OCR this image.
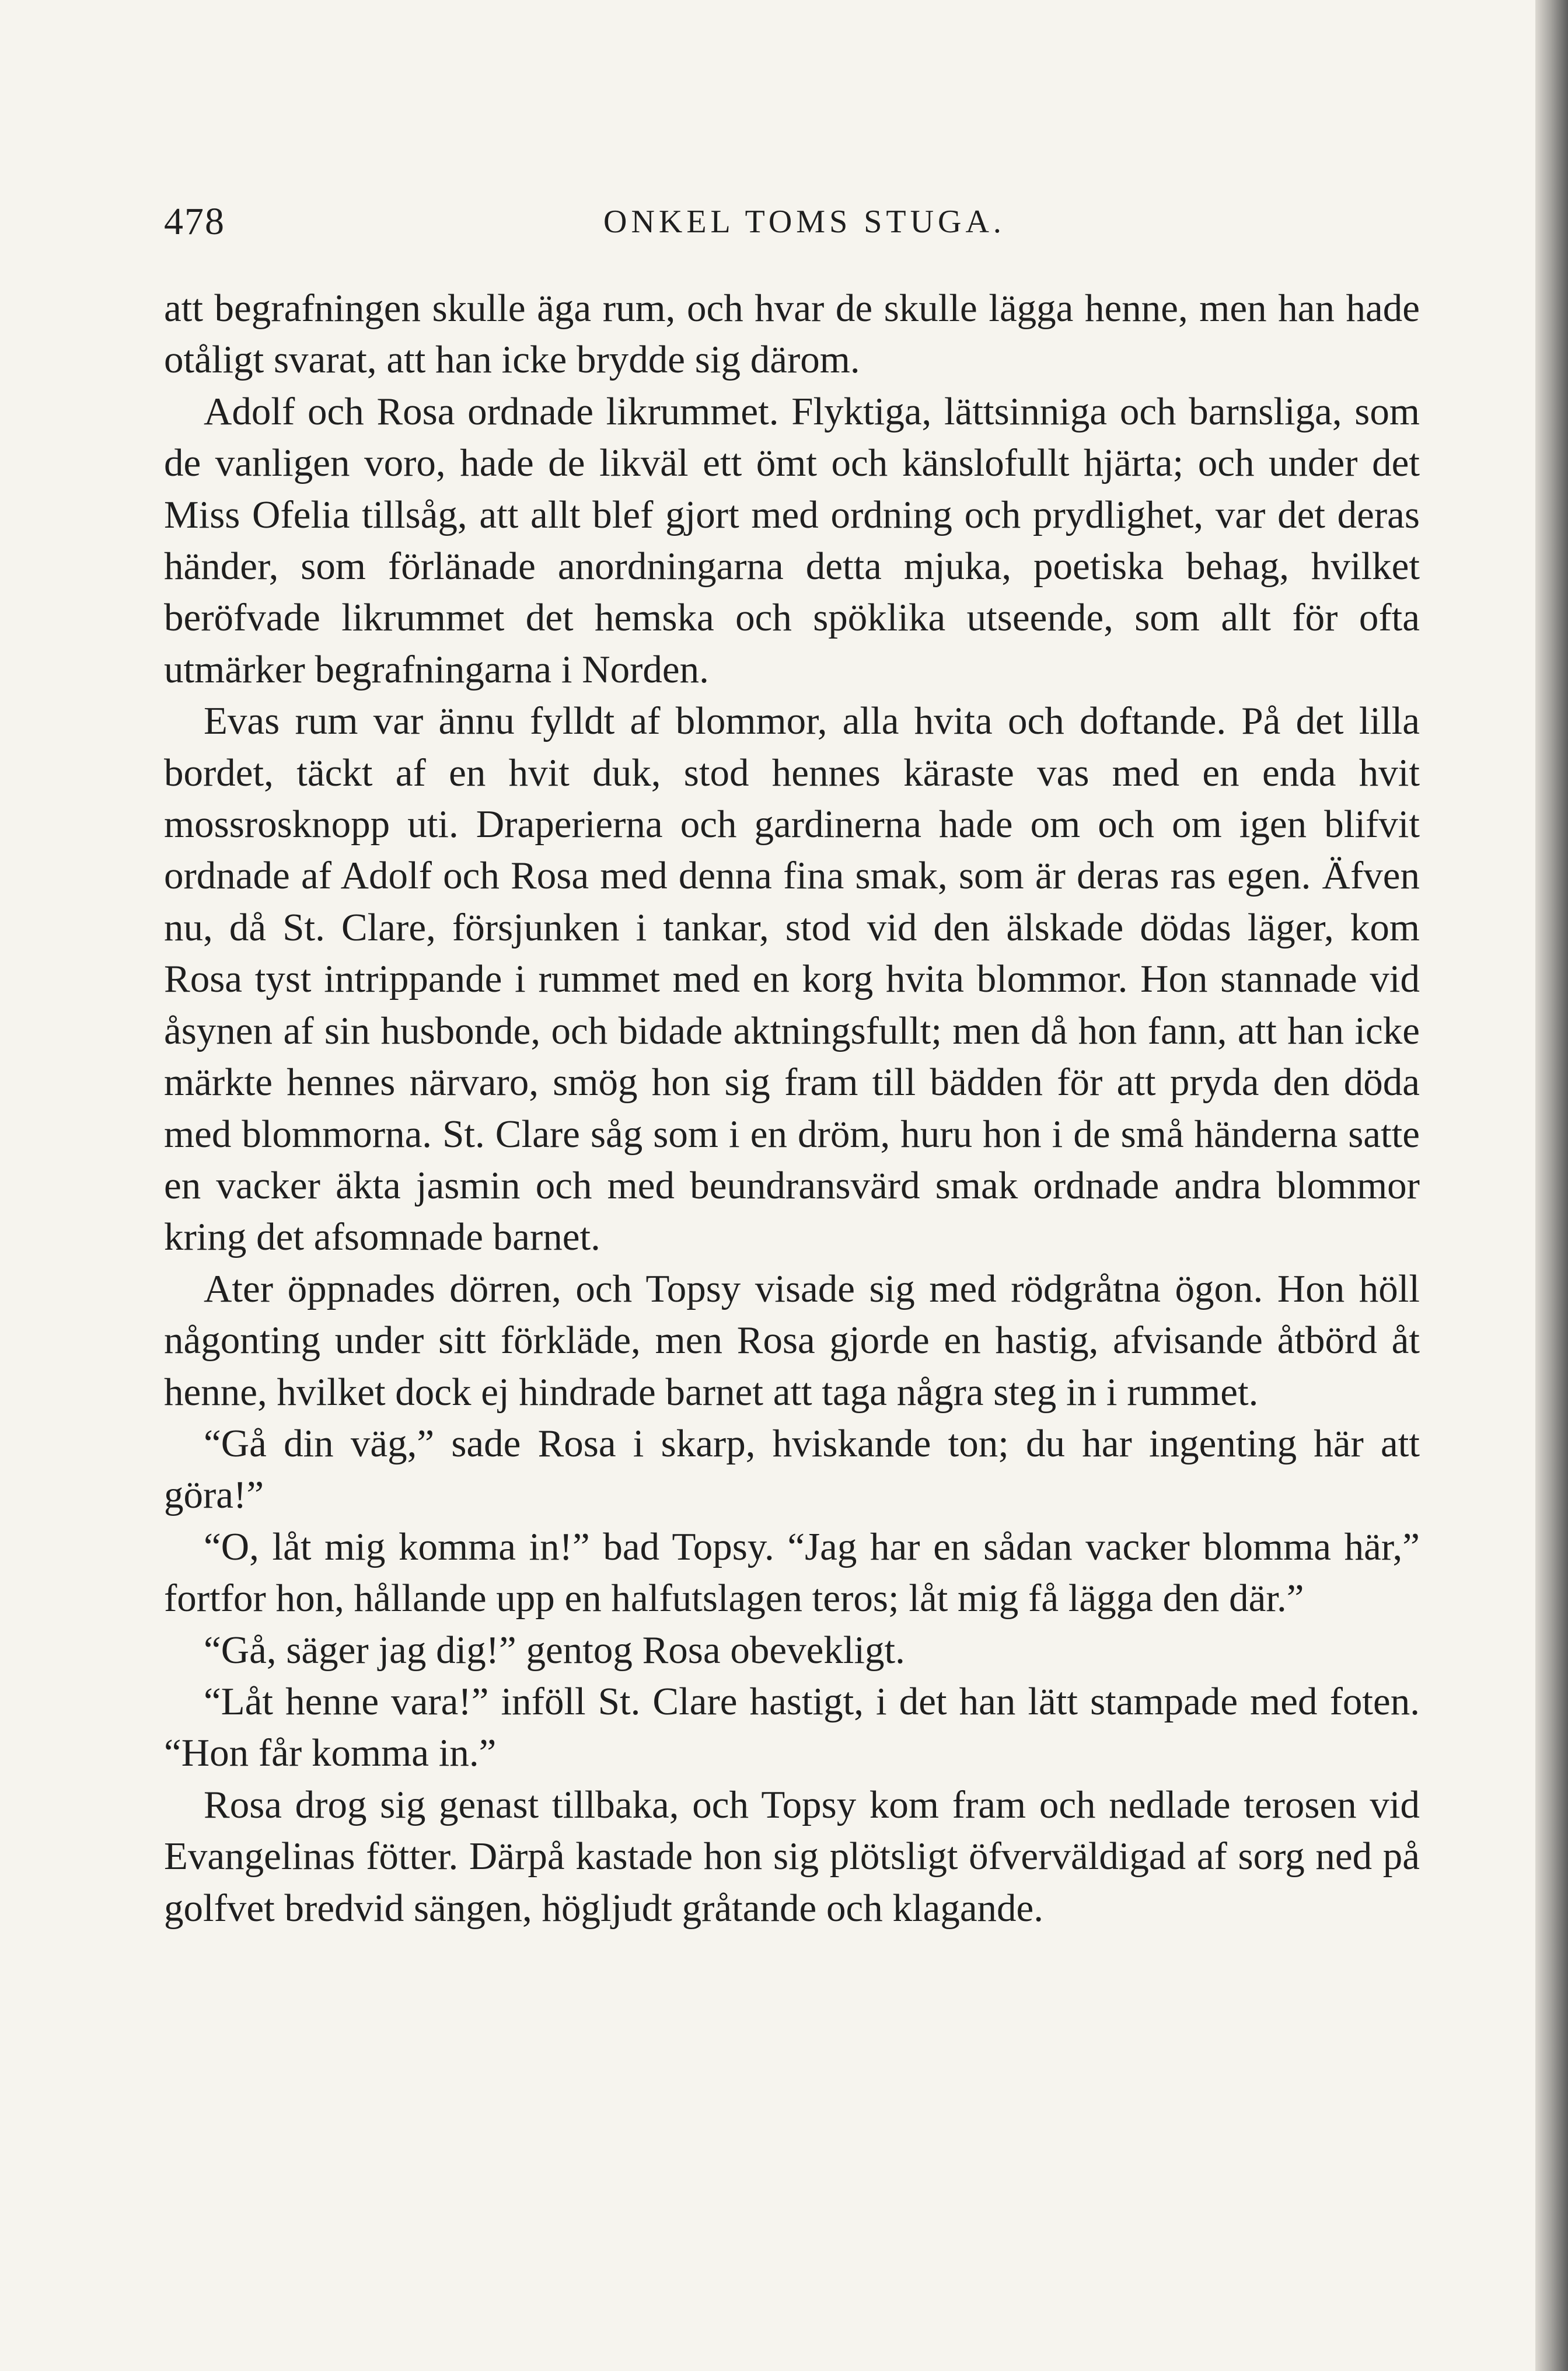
478	ONKEL TOMS STUGA.

att begrafningen skulle äga rum, och hvar de skulle lägga henne, men han hade otåligt svarat, att han icke brydde sig därom.

Adolf och Rosa ordnade likrummet. Flyktiga, lättsinniga och barnsliga, som de vanligen voro, hade de likväl ett ömt och känslofullt hjärta; och under det Miss Ofelia tillsåg, att allt blef gjort med ordning och prydlighet, var det deras händer, som förlänade anordningarna detta mjuka, poetiska behag, hvilket beröfvade likrummet det hemska och spöklika utseende, som allt för ofta utmärker begrafningarna i Norden.

Evas rum var ännu fylldt af blommor, alla hvita och doftande. På det lilla bordet, täckt af en hvit duk, stod hennes käraste vas med en enda hvit mossrosknopp uti. Draperierna och gardinerna hade om och om igen blifvit ordnade af Adolf och Rosa med denna fina smak, som är deras ras egen. Äfven nu, då St. Clare, försjunken i tankar, stod vid den älskade dödas läger, kom Rosa tyst intrippande i rummet med en korg hvita blommor. Hon stannade vid åsynen af sin husbonde, och bidade aktningsfullt; men då hon fann, att han icke märkte hennes närvaro, smög hon sig fram till bädden för att pryda den döda med blommorna. St. Clare såg som i en dröm, huru hon i de små händerna satte en vacker äkta jasmin och med beundransvärd smak ordnade andra blommor kring det afsomnade barnet.

Ater öppnades dörren, och Topsy visade sig med rödgråtna ögon. Hon höll någonting under sitt förkläde, men Rosa gjorde en hastig, afvisande åtbörd åt henne, hvilket dock ej hindrade barnet att taga några steg in i rummet.

“Gå din väg,” sade Rosa i skarp, hviskande ton; du har ingenting här att göra!”

“O, låt mig komma in!” bad Topsy. “Jag har en sådan vacker blomma här,” fortfor hon, hållande upp en halfutslagen teros; låt mig få lägga den där.”

“Gå, säger jag dig!” gentog Rosa obevekligt.

“Låt henne vara!” inföll St. Clare hastigt, i det han lätt stampade med foten. “Hon får komma in.”

Rosa drog sig genast tillbaka, och Topsy kom fram och nedlade terosen vid Evangelinas fötter. Därpå kastade hon sig plötsligt öfverväldigad af sorg ned på golfvet bredvid sängen, högljudt gråtande och klagande.
